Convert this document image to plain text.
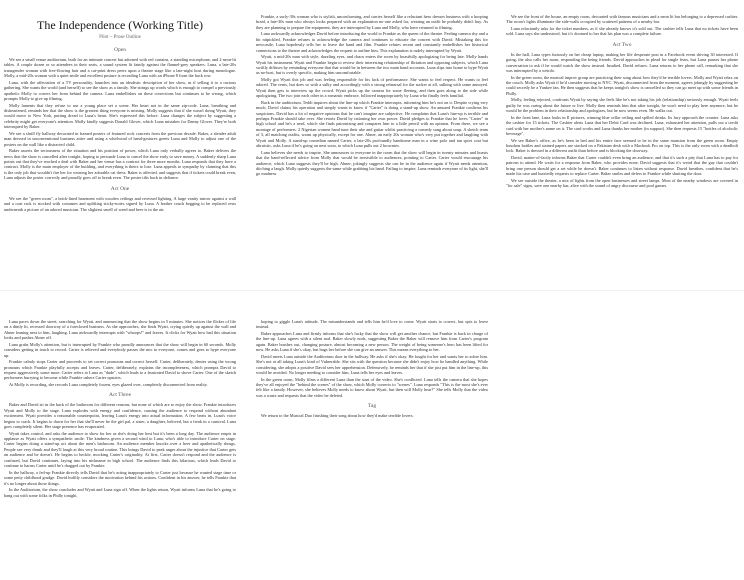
The Independence (Working Title)
Pilot – Prose Outline
Open

We see a small venue auditorium, built for an intimate concert but adorned with red curtains, a standing microphone, and 2 neon-lit tables. A couple dozen or so attendees in their seats, a sound system lit faintly against the flannel-grey speakers. Luna, a late-20s transgender woman with free-flowing hair and a cat-print dress peers upon a theatre stage like a late-night host during monologue. Molly, a mid-20s woman with a quiet smile and excellent posture is recording Luna with an iPhone 8 from the back row.

Luna, with the affectation of a TV personality, launches into an idealistic description of her show, as if selling it to a curious gathering. She wants the world (and herself) to see the show as a family. She strings up words which is enough to compel a previously apathetic Molly to correct her from behind the camera. Luna embellishes on these corrections but continues to be wrong, which prompts Molly to give up filming.

Molly laments that they refuse to use a young place set a scene. Her heart not in the same zip-code. Luna, breathing and disheartened, reminds her that the show is the greatest thing everyone is missing. Molly suggests that if she wasn't doing Wyatt, they would move to New York, putting dread to Luna's heart. She's expressed this before. Luna changes the subject by suggesting a celebrity might get everyone's attention. Molly kindly suggests Donald Glover, which Luna mistakes for Danny Glover. They're both interrupted by Baker.

We see a shrill fly hallway decorated in framed posters of featured rock concerts from the previous decade. Baker, a slender adult man dressed in unconventional business attire and using a whirlwind of hand-gestures greets Luna and Molly to adjust one of the posters on the wall like a distracted child.

Baker asserts the seriousness of the situation and his position of power, which Luna only verbally agrees to. Baker delivers the news that the show is cancelled after tonight, hoping to persuade Luna to cancel the show early to save money. A suddenly sharp Luna points out that they've reached a deal with Baker and her venue has a contract for three more months. Luna responds that they have a contract. Molly is the main employer of the building, and everything is theirs to lose. Luna appeals to sympathy by claiming that this is the only job that wouldn't fire her for wearing her adorable cat dress. Baker is affected, and suggests that if tickets could break even, Luna adjusts the poster correctly and proudly goes off to break even. The poster tilts back in defiance.

Act One

We see the "green room", a brick-lined basement with wooden ceilings and recessed lighting. A large vanity mirror against a wall and a coat rack is stocked with costumes and uplifting sticky-notes signed by Luna. A leather couch begging to be replaced rests underneath a picture of an adored musician. The slightest smell of weed and beer is in the air.

Frankie, a surly-30s woman who is stylish, unconforming, and carries herself like a reluctant hero dresses business with a hooping braid, a late-30s man who always looks prepared with an explanation no-one asked for, wearing an outfit he probably didn't buy. As they are planning to prepare the equipment, they are interrupted by Luna and Molly, who have returned to filming.

Luna awkwardly acknowledges David before introducing the world to Frankie as the queen of the theatre. Feeling camera shy and a bit nitpickled, Frankie refuses to acknowledge the camera and continues to educate the concert with David. Mistaking this for newcastle, Luna hopelessly tells her to leave the band and film. Frankie refutes recent and constantly embellishes her historical connections to the theatre and acknowledges the request to outline him. This explanation is rudely interrupted by Wyatt.

Wyatt, a mid-20s man with style, dazzling eyes, and chaos enters the room by boastfully apologizing for being late. Molly hands Wyatt his instrument. Wyatt and Frankie begin to review their interesting relationship of flirtation and opposing subjects, which Luna swiftly diffuses by reminding everyone that that would be in between the two main band accounts. Luna slips into home to hype Wyatt as no-host, but is overly specific, making him uncomfortable.

Molly got Wyatt this job and was feeling responsible for his lack of performance. She wants to feel respect. He wants to feel adored. The vents, but does so with a sulky and accordingly with a strong rehearsal for the sucker at all, sulking with some annoyed. Wyatt then gets to interview up the crowd. Wyatt picks up the camera for some fleeting, and then goes along to the side while apologizing. The two join each other in a romantic embrace, followed inappropriately by Luna who finally feels familial.

Back in the auditorium, Teddi inquires about the line-up which Frankie interrupts, informing him he's not on it. Despite crying very much, David claims his operation and simply wants to know if "Carter" is doing a stand-up show. An amused Frankie confirms his suspicions. David has a lot of negative opinions that he can't imagine are subjective. He complains that Luna's line-up is terrible and perhaps Frankie should take over. She retorts David by rationing her own power. David pledges to Frankie that he loves "Carter" in high school and he's a nerd, which she finds patronizing and compares him to a little pencil with an opinion. From there, we see a montage of performers. 2 Nigerian women hand tune their uke and guitar whilst practicing a comedy song about soup. A sketch team of 3, all matching outfits, warm up physically, except for one. Abner, an early 20s woman who's very put together and laughing with Wyatt and Molly. A stand-up comedian named Carter, a late-20s profoundly handsome man in a wine polo and tan sport coat but altruistic, asks Luna if he's going on next soon, to which Luna pulls out 2 brownies.

Luna believes she needs to inspire. She announces to everyone in the room that the show will begin in twenty minutes and boasts that the band-reflected advice from Molly that would be irresistible to audiences, pointing to Carter. Carter would encourage his audience, which Luna suggests they'll be high. Abner, jokingly suggests she can be in the audience again if Wyatt needs attention, ditching a laugh. Molly quietly suggests the same while grabbing his hand. Failing to inspire, Luna reminds everyone of its light, she'll go madness.

We see the front of the house, an empty room, decorated with famous musicians and a neon lit bar belonging to a depressed cashier. The room's lights illuminate the side-walls occupied by scattered patterns of a nearby bar.

Luna reluctantly asks for the ticket numbers, as if she already knows it's sold out. The cashier tells Luna that no tickets have been sold. Luna says she understood, but it's doomed to her that his plan was a complete failure.

Act Two

In the hall, Luna types furiously on her cheap laptop, making her life desperate post in a Facebook event driving 30 interested. If going, the also calls her mom, responding the being friends. David approaches in plead for single fears, but Luna pauses her phone conversation to ask if he would watch the show instead. Insulted, David refuses. Luna returns to her phone call, remarking that she was interrupted by a weirdo.

In the green room, the musical improv group are practicing their song about how they'd be terrible lovers. Molly and Wyatt relax on the couch. Molly asks Wyatt if he'd consider moving to NYC. Wyatt, disconnected from the moment, agrees jokingly by suggesting he could secretly be a Yankee fan. He then suggests that he keeps tonight's show is cancelled so they can go meet up with some friends in Philly.

Molly, feeling rejected, confronts Wyatt by saying she feels like he's not taking his job (relationship) seriously enough. Wyatt feels guilty he was caring about the future or live. Molly then reminds him that after tonight, he won't need to play here anymore, but he would be the problem in their relationship and apologizes, but he now seems even. He walks out.

In the front lane, Luna looks in Il pictures, winning blue cellar ceiling and spilled drinks. Its fury approach the counter. Luna asks the cashier for 15 tickets. The Cashier alerts Luna that her Debit Card was declined. Luna, exhausted her attention, pulls out a credit card with her mother's name on it. The card works and Luna thanks her mother (in support). She then requests 15 "bottles of alcoholic beverage".

We see Baker's office, as he's been in bed and his entire face seemed to be in the same mansion from the green room. Empty bourbon bottles and stained papers are stacked on a Pakistan desk with a Macbook Pro on top. This is the only room with a deadbolt lock. Baker is dressed in a different outfit than before and is blocking the doorway.

David, matter-of-factly informs Baker that Carter couldn't even bring an audience, and that it's such a pity that Luna has to pay for patrons to attend. He waits for a response from Baker, who provides none. David suggests that it's weird that the guy that couldn't bring one person should get a set while he doesn't. Baker continues to listen without response. David breathes, confident that he's made his case and hurriedly requests to replace Carter. Baker smiles and defers to Frankie while shutting the door.

We see outside the theater, a mix of lights from the open businesses and street lamps. Most of the nearby windows are covered in "for sale" signs, save one nearby bar, alive with the sound of angry discourse and pool games.

Luna paces down the street, searching for Wyatt, and announcing that the show begins in 5 minutes. She notices the flicker of life on a dimly lit, recessed doorway of a foreclosed business. As she approaches, she finds Wyatt, crying quietly up against the wall and Abner leaning next to him, laughing. Luna awkwardly interrupts with "whoops!" and leaves. It clicks for Wyatt how bad this situation looks and pushes Abner off.

Luna grabs Molly's attention, but is interrupted by Frankie who proudly announces that the show will begin in 60 seconds. Molly considers getting in touch to record. Carter is relieved and everybody passes the mic to everyone, comes and goes to hype everyone up.

Frankie calmly stops Carter and proceeds to set correct pronouns and correct herself. Carter, deliberately, denies using the wrong pronouns which Frankie playfully accepts and leaves. Carter, deliberately, explains the incompleteness, which prompts David to request aggressively some more. Carter refers to Luna as "dude", which leads to a frustrated David to shove Carter. One of the sketch performers hurrying to become while Frankie ushers Carter upstairs.

At Molly is recording, she records Luna completely frozen, eyes glazed over, completely disconnected from reality.

Act Three

Baker and David sit in the back of the bathroom for different reasons, but none of which are to enjoy the show. Frankie introduces Wyatt and Molly to the stage. Luna explodes with energy and confidence, causing the audience to respond without abundant excitement. Wyatt provides a reasonable counterpoint, leaving Luna's energy into actual information. A few beats in, Luna's voice begins to crack. It begins to dawn for her that she'll never be the girl pal, a sister, a daughter, beloved, but a freak in a carnival. Luna goes completely silent. Her stage presence has evaporated.

Wyatt takes control, and asks the audience to show for her as she's doing her best but it's been a long day. The audience erupts in applause as Wyatt offers a sympathetic smile. The kindness given a second wind to Luna, who's able to introduce Carter on stage. Carter begins doing a stand-up act about the men's bathroom. An audience member knocks over a beer and apathetically shrugs. People see very drunk and they'll laugh at this very broad routine. This brings David to peak anger about the injustice that Carter gets an audience and he doesn't. He begins to heckle, mocking Carter's originality. At first, Carter doesn't respond and the audience is confused, but David continues, laying into his nickname in high school. The audience finds this hilarious, which leads David to continue to harass Carter until he's dragged out by Frankie.

In the hallway, a fed-up Frankie directly tells David that he's acting inappropriately to Carter just because he wanted stage time or some petty childhood grudge. David huffily considers the motivation behind his actions. Confident in his answer, he tells Frankie that it's no longer about those things.

In the Auditorium, the show concludes and Wyatt and Luna sign off. When the lights return, Wyatt informs Luna that he's going to hang out with some folks in Philly tonight,

hoping to giggle Luna's attitude. The misunderstands and tells him he'd love to come. Wyatt starts to correct, but opts to leave instead.

Baker approaches Luna and firmly informs that she's lucky that the show will get another chance, but Frankie is back in charge of the line-up. Luna agrees with a silent nod. Baker slowly nods, suggesting Baker the Baker will remove him from Carter's program again. Baker brushes out, changing posture, almost becoming a new person. The weight of being someone's hero has been lifted for now. He asks Luna if she's okay, but hugs her before she can give an answer. This means everything to her.

David meets Luna outside the Auditorium door in the hallway. He asks if she's okay. He fought for her and wants her to adore him. She's not at all taking Luna's kind of Vulnerable. She sits with the question because she didn't enjoy how he handled anything. While considering, she adopts a positive David sees her apprehension. Defensively, he reminds her that if she just put him in the line-up, this would be avoided. No longer needing to consider him, Luna tells her eyes and leaves.

In the green room, Molly films a different Luna than the start of the video. She's conflicted. Luna tells the camera that she hopes they've all enjoyed the "behind the scenes" of the show, which Molly corrects to "scenes". Luna responds "This is the most she's ever felt like a family. However, she believes Molly needs to know about Wyatt, but then will Molly hear?" She tells Molly that the video was a waste and requests that the video be deleted.

Tag

We return to the Musical Duo finishing their song about how they'd make terrible lovers.
